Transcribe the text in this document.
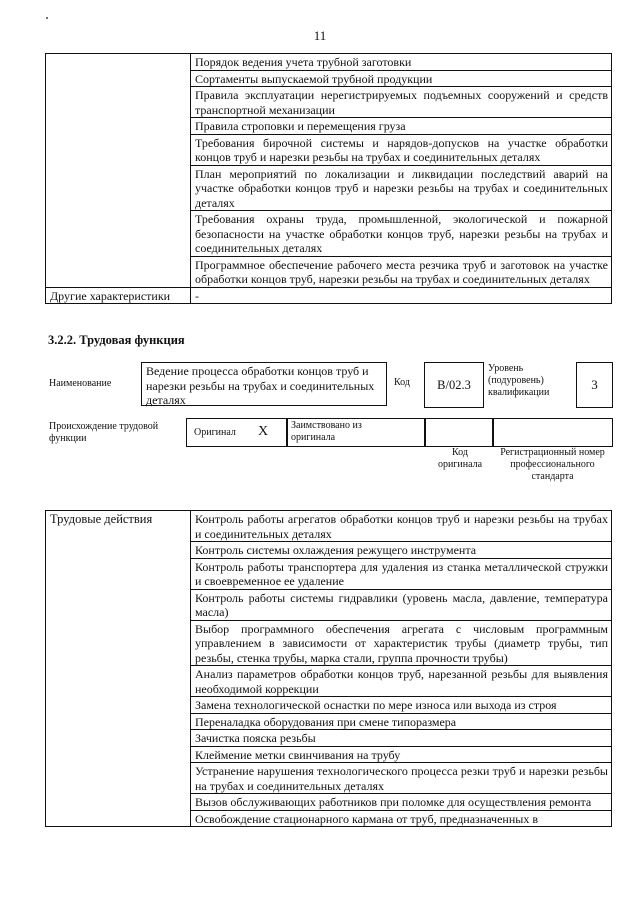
11
	Порядок ведения учета трубной заготовки
	Сортаменты выпускаемой трубной продукции
	Правила эксплуатации нерегистрируемых подъемных сооружений и средств транспортной механизации
	Правила строповки и перемещения груза
	Требования бирочной системы и нарядов-допусков на участке обработки концов труб и нарезки резьбы на трубах и соединительных деталях
	План мероприятий по локализации и ликвидации последствий аварий на участке обработки концов труб и нарезки резьбы на трубах и соединительных деталях
	Требования охраны труда, промышленной, экологической и пожарной безопасности на участке обработки концов труб, нарезки резьбы на трубах и соединительных деталях
	Программное обеспечение рабочего места резчика труб и заготовок на участке обработки концов труб, нарезки резьбы на трубах и соединительных деталях
Другие характеристики	-
3.2.2. Трудовая функция
Наименование
Ведение процесса обработки концов труб и нарезки резьбы на трубах и соединительных деталях
Код	B/02.3
Уровень (подуровень) квалификации
3
Происхождение трудовой функции
Оригинал X Заимствовано из оригинала
Код оригинала
Регистрационный номер профессионального стандарта
Трудовые действия	Контроль работы агрегатов обработки концов труб и нарезки резьбы на трубах и соединительных деталях
Контроль системы охлаждения режущего инструмента
Контроль работы транспортера для удаления из станка металлической стружки и своевременное ее удаление
Контроль работы системы гидравлики (уровень масла, давление, температура масла)
Выбор программного обеспечения агрегата с числовым программным управлением в зависимости от характеристик трубы (диаметр трубы, тип резьбы, стенка трубы, марка стали, группа прочности трубы)
Анализ параметров обработки концов труб, нарезанной резьбы для выявления необходимой коррекции
Замена технологической оснастки по мере износа или выхода из строя
Переналадка оборудования при смене типоразмера
Зачистка пояска резьбы
Клеймение метки свинчивания на трубу
Устранение нарушения технологического процесса резки труб и нарезки резьбы на трубах и соединительных деталях
Вызов обслуживающих работников при поломке для осуществления ремонта
Освобождение стационарного кармана от труб, предназначенных в
